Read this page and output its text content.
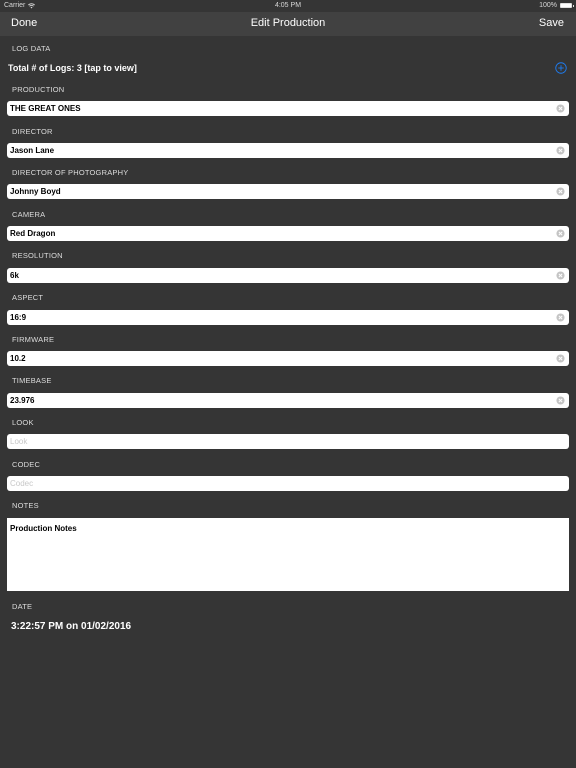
Carrier	4:05 PM	100%
Done	Edit Production	Save
LOG DATA
Total # of Logs: 3 [tap to view]
PRODUCTION
THE GREAT ONES
DIRECTOR
Jason Lane
DIRECTOR OF PHOTOGRAPHY
Johnny Boyd
CAMERA
Red Dragon
RESOLUTION
6k
ASPECT
16:9
FIRMWARE
10.2
TIMEBASE
23.976
LOOK
Look
CODEC
Codec
NOTES
Production Notes
DATE
3:22:57 PM on 01/02/2016
